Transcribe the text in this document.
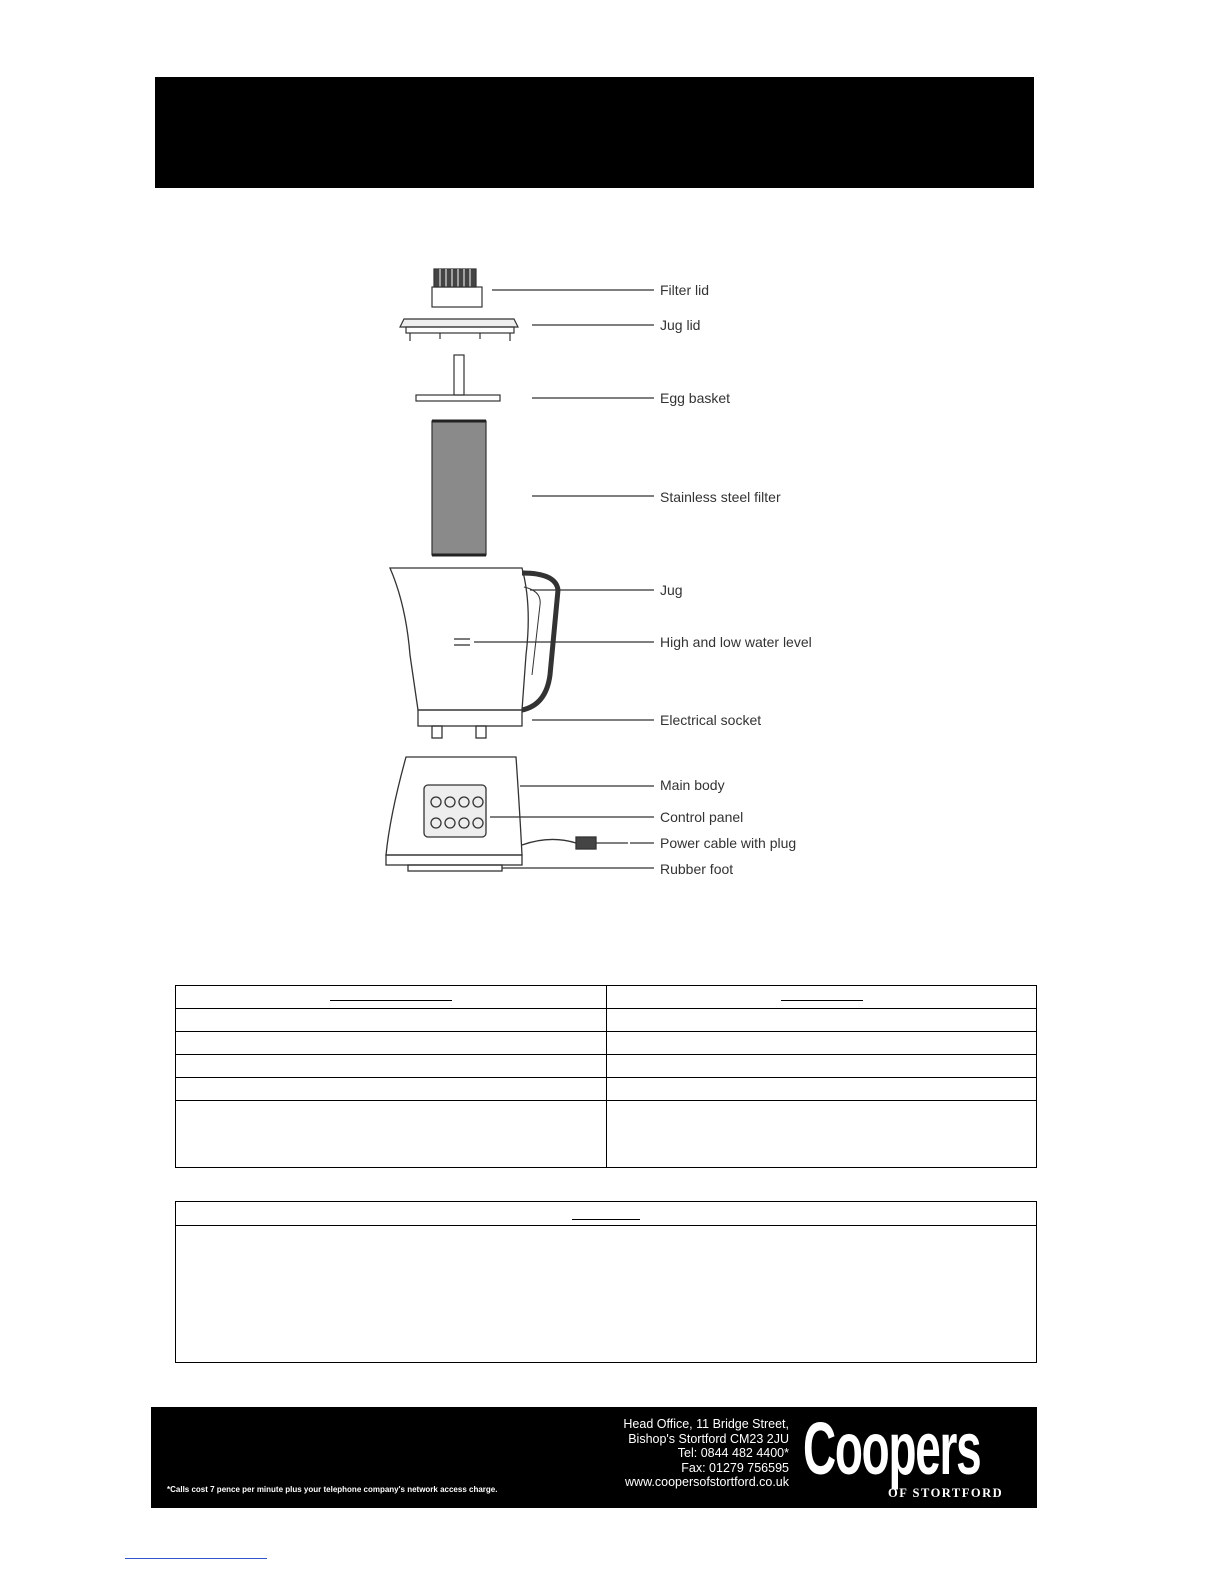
Filter lid
Jug lid
Egg basket
Stainless steel filter
Jug
High and low water level
Electrical socket
Main body
Control panel
Power cable with plug
Rubber foot

Head Office, 11 Bridge Street,
Bishop's Stortford CM23 2JU
Tel: 0844 482 4400*
Fax: 01279 756595
www.coopersofstortford.co.uk Coopers
OF STORTFORD
*Calls cost 7 pence per minute plus your telephone company's network access charge.
